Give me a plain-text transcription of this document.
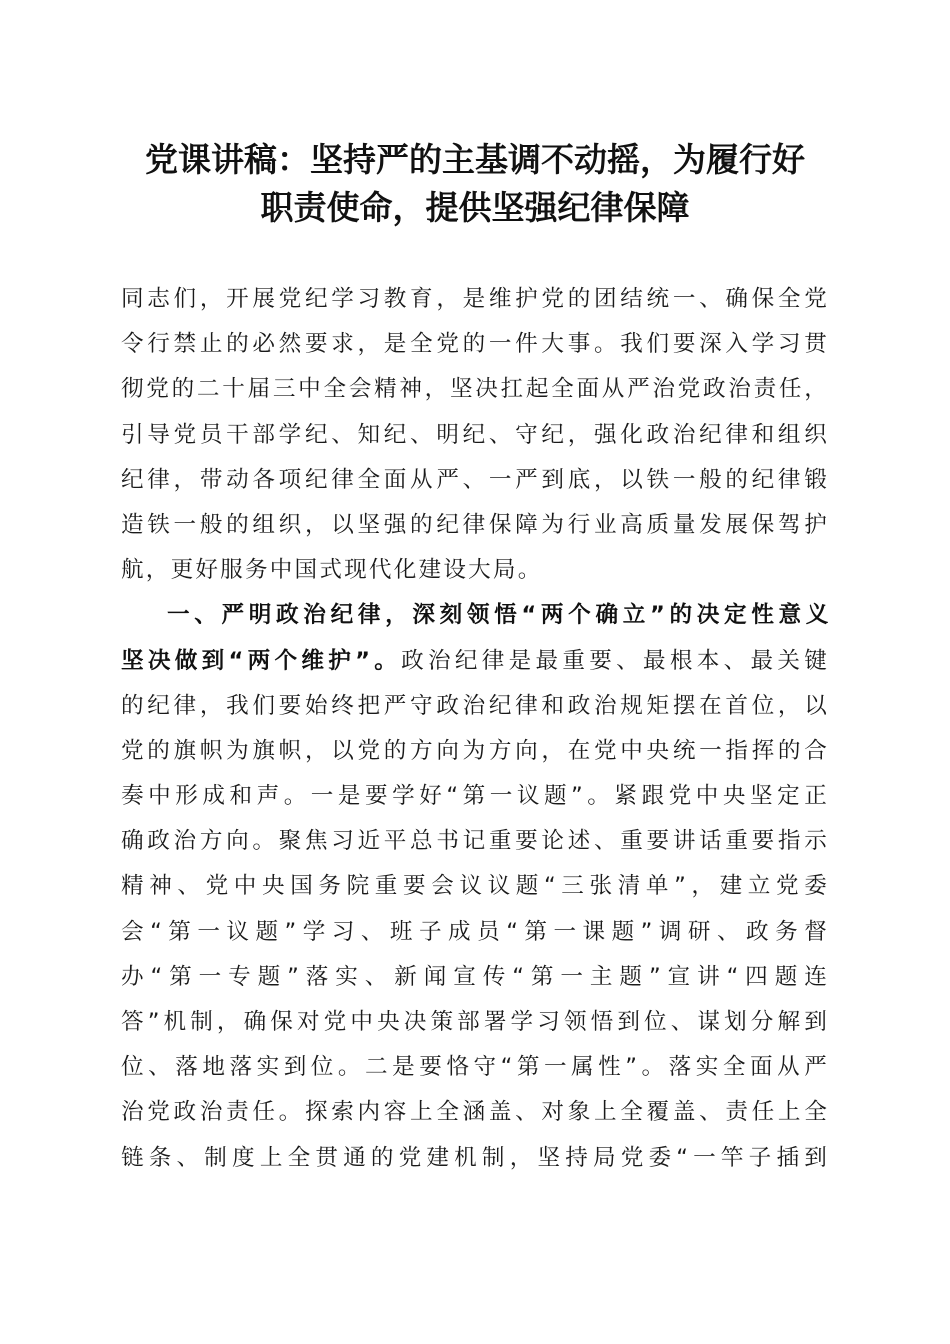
党课讲稿：坚持严的主基调不动摇，为履行好
职责使命，提供坚强纪律保障
同志们，开展党纪学习教育，是维护党的团结统一、确保全党
令行禁止的必然要求，是全党的一件大事。我们要深入学习贯
彻党的二十届三中全会精神，坚决扛起全面从严治党政治责任，
引导党员干部学纪、知纪、明纪、守纪，强化政治纪律和组织
纪律，带动各项纪律全面从严、一严到底，以铁一般的纪律锻
造铁一般的组织，以坚强的纪律保障为行业高质量发展保驾护
航，更好服务中国式现代化建设大局。
一、严明政治纪律，深刻领悟“两个确立”的决定性意义
坚决做到“两个维护”。政治纪律是最重要、最根本、最关键
的纪律，我们要始终把严守政治纪律和政治规矩摆在首位，以
党的旗帜为旗帜，以党的方向为方向，在党中央统一指挥的合
奏中形成和声。一是要学好“第一议题”。紧跟党中央坚定正
确政治方向。聚焦习近平总书记重要论述、重要讲话重要指示
精神、党中央国务院重要会议议题“三张清单”，建立党委
会“第一议题”学习、班子成员“第一课题”调研、政务督
办“第一专题”落实、新闻宣传“第一主题”宣讲“四题连
答”机制，确保对党中央决策部署学习领悟到位、谋划分解到
位、落地落实到位。二是要恪守“第一属性”。落实全面从严
治党政治责任。探索内容上全涵盖、对象上全覆盖、责任上全
链条、制度上全贯通的党建机制，坚持局党委“一竿子插到
